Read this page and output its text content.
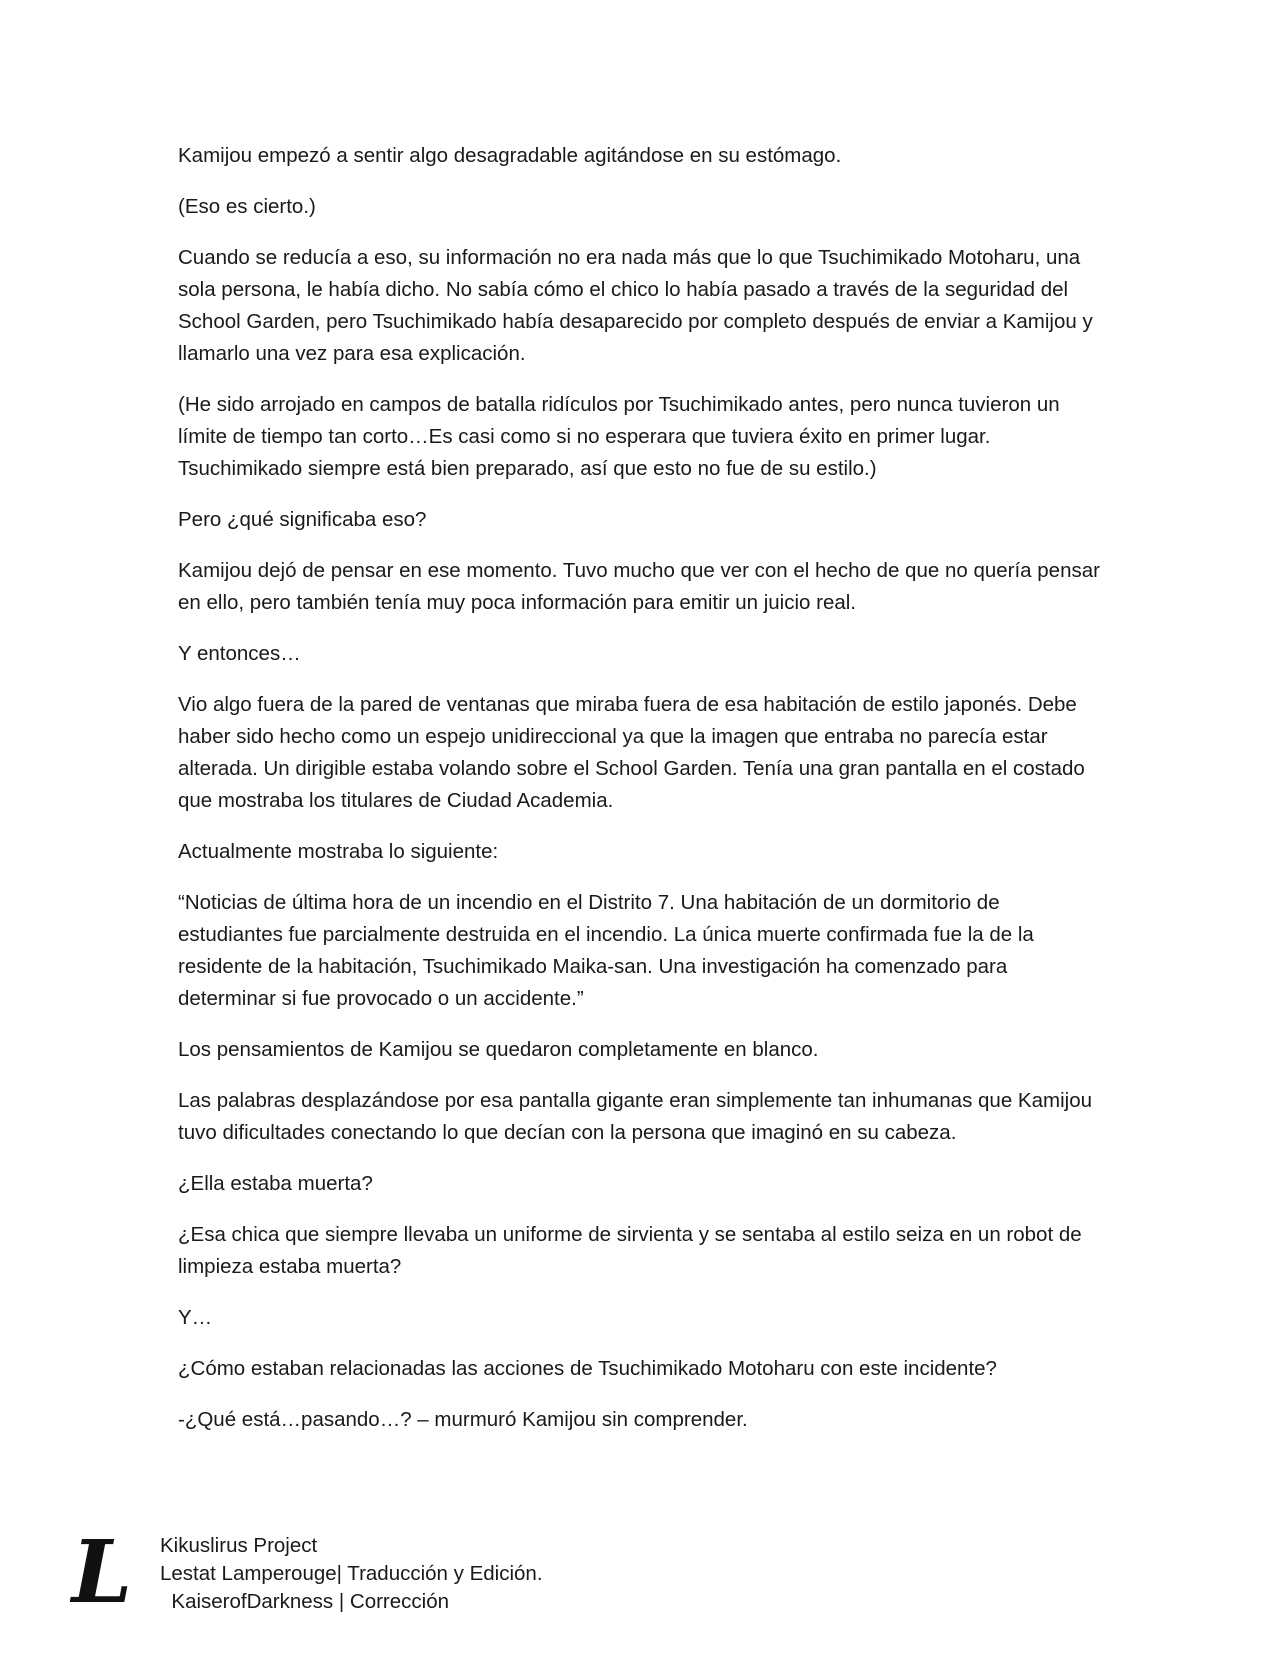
Kamijou empezó a sentir algo desagradable agitándose en su estómago.

(Eso es cierto.)

Cuando se reducía a eso, su información no era nada más que lo que Tsuchimikado Motoharu, una sola persona, le había dicho. No sabía cómo el chico lo había pasado a través de la seguridad del School Garden, pero Tsuchimikado había desaparecido por completo después de enviar a Kamijou y llamarlo una vez para esa explicación.

(He sido arrojado en campos de batalla ridículos por Tsuchimikado antes, pero nunca tuvieron un límite de tiempo tan corto…Es casi como si no esperara que tuviera éxito en primer lugar. Tsuchimikado siempre está bien preparado, así que esto no fue de su estilo.)

Pero ¿qué significaba eso?

Kamijou dejó de pensar en ese momento. Tuvo mucho que ver con el hecho de que no quería pensar en ello, pero también tenía muy poca información para emitir un juicio real.

Y entonces…

Vio algo fuera de la pared de ventanas que miraba fuera de esa habitación de estilo japonés. Debe haber sido hecho como un espejo unidireccional ya que la imagen que entraba no parecía estar alterada. Un dirigible estaba volando sobre el School Garden. Tenía una gran pantalla en el costado que mostraba los titulares de Ciudad Academia.

Actualmente mostraba lo siguiente:

“Noticias de última hora de un incendio en el Distrito 7. Una habitación de un dormitorio de estudiantes fue parcialmente destruida en el incendio. La única muerte confirmada fue la de la residente de la habitación, Tsuchimikado Maika-san. Una investigación ha comenzado para determinar si fue provocado o un accidente.”

Los pensamientos de Kamijou se quedaron completamente en blanco.

Las palabras desplazándose por esa pantalla gigante eran simplemente tan inhumanas que Kamijou tuvo dificultades conectando lo que decían con la persona que imaginó en su cabeza.

¿Ella estaba muerta?

¿Esa chica que siempre llevaba un uniforme de sirvienta y se sentaba al estilo seiza en un robot de limpieza estaba muerta?

Y…

¿Cómo estaban relacionadas las acciones de Tsuchimikado Motoharu con este incidente?

-¿Qué está…pasando…? – murmuró Kamijou sin comprender.

L Kikuslirus Project
Lestat Lamperouge| Traducción y Edición.
KaiserofDarkness | Corrección
